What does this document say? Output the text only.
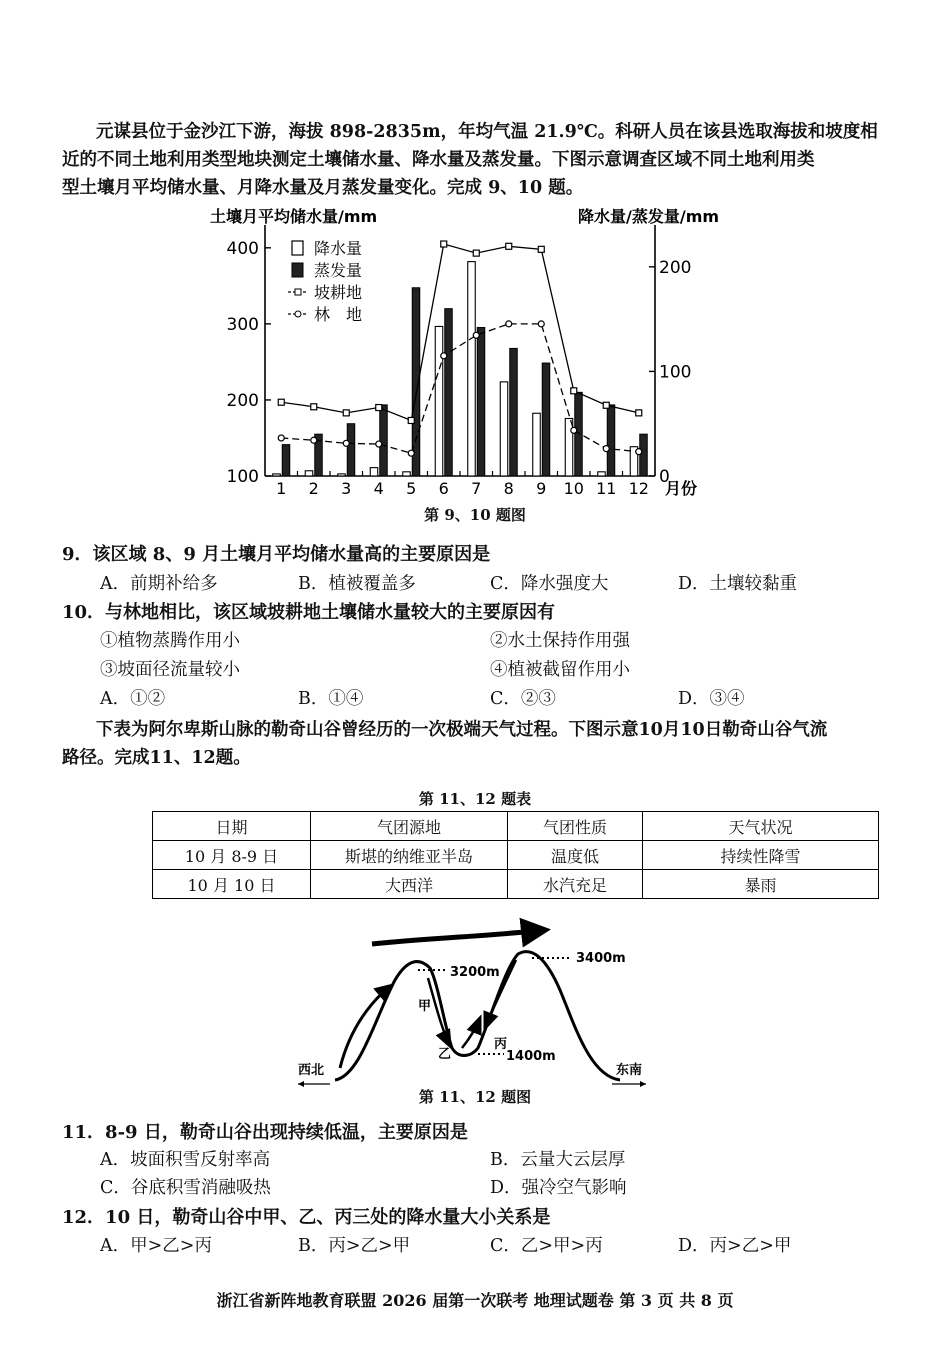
元谋县位于金沙江下游，海拔 898-2835m，年均气温 21.9℃。科研人员在该县选取海拔和坡度相
近的不同土地利用类型地块测定土壤储水量、降水量及蒸发量。下图示意调查区域不同土地利用类
型土壤月平均储水量、月降水量及月蒸发量变化。完成 9、10 题。
土壤月平均储水量/mm	降水量/蒸发量/mm
月份
400
300
200
100
200
100
0
1 2 3 4 5 6 7 8 9 10 11 12
降水量
蒸发量
坡耕地
林　地
第 9、10 题图
9．该区域 8、9 月土壤月平均储水量高的主要原因是
A．前期补给多	B．植被覆盖多	C．降水强度大	D．土壤较黏重
10．与林地相比，该区域坡耕地土壤储水量较大的主要原因有
①植物蒸腾作用小	②水土保持作用强
③坡面径流量较小	④植被截留作用小
A．①②	B．①④	C．②③	D．③④
下表为阿尔卑斯山脉的勒奇山谷曾经历的一次极端天气过程。下图示意10月10日勒奇山谷气流
路径。完成11、12题。
第 11、12 题表
日期	气团源地	气团性质	天气状况
10 月 8-9 日	斯堪的纳维亚半岛	温度低	持续性降雪
10 月 10 日	大西洋	水汽充足	暴雨
3400m
3200m
1400m
甲
乙
丙
西北	东南
第 11、12 题图
11．8-9 日，勒奇山谷出现持续低温，主要原因是
A．坡面积雪反射率高	B．云量大云层厚
C．谷底积雪消融吸热	D．强冷空气影响
12．10 日，勒奇山谷中甲、乙、丙三处的降水量大小关系是
A．甲>乙>丙	B．丙>乙>甲	C．乙>甲>丙	D．丙>乙>甲
浙江省新阵地教育联盟 2026 届第一次联考 地理试题卷 第 3 页 共 8 页
